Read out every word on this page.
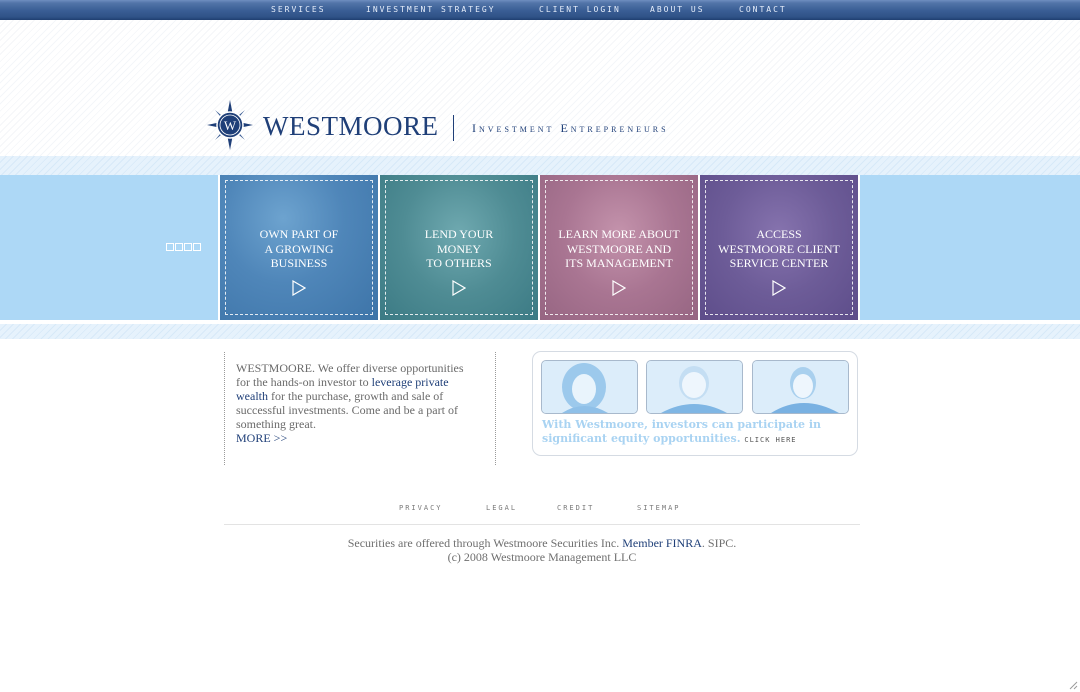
SERVICES	INVESTMENT STRATEGY	CLIENT LOGIN	ABOUT US	CONTACT
W WESTMOORE	Investment Entrepreneurs
OWN PART OF
A GROWING
BUSINESS
LEND YOUR
MONEY
TO OTHERS
LEARN MORE ABOUT
WESTMOORE AND
ITS MANAGEMENT
ACCESS
WESTMOORE CLIENT
SERVICE CENTER
WESTMOORE. We offer diverse opportunities for the hands-on investor to leverage private wealth for the purchase, growth and sale of successful investments. Come and be a part of something great.
MORE >>
With Westmoore, investors can participate in significant equity opportunities. CLICK HERE
PRIVACY	LEGAL	CREDIT	SITEMAP
Securities are offered through Westmoore Securities Inc. Member FINRA. SIPC.
(c) 2008 Westmoore Management LLC
